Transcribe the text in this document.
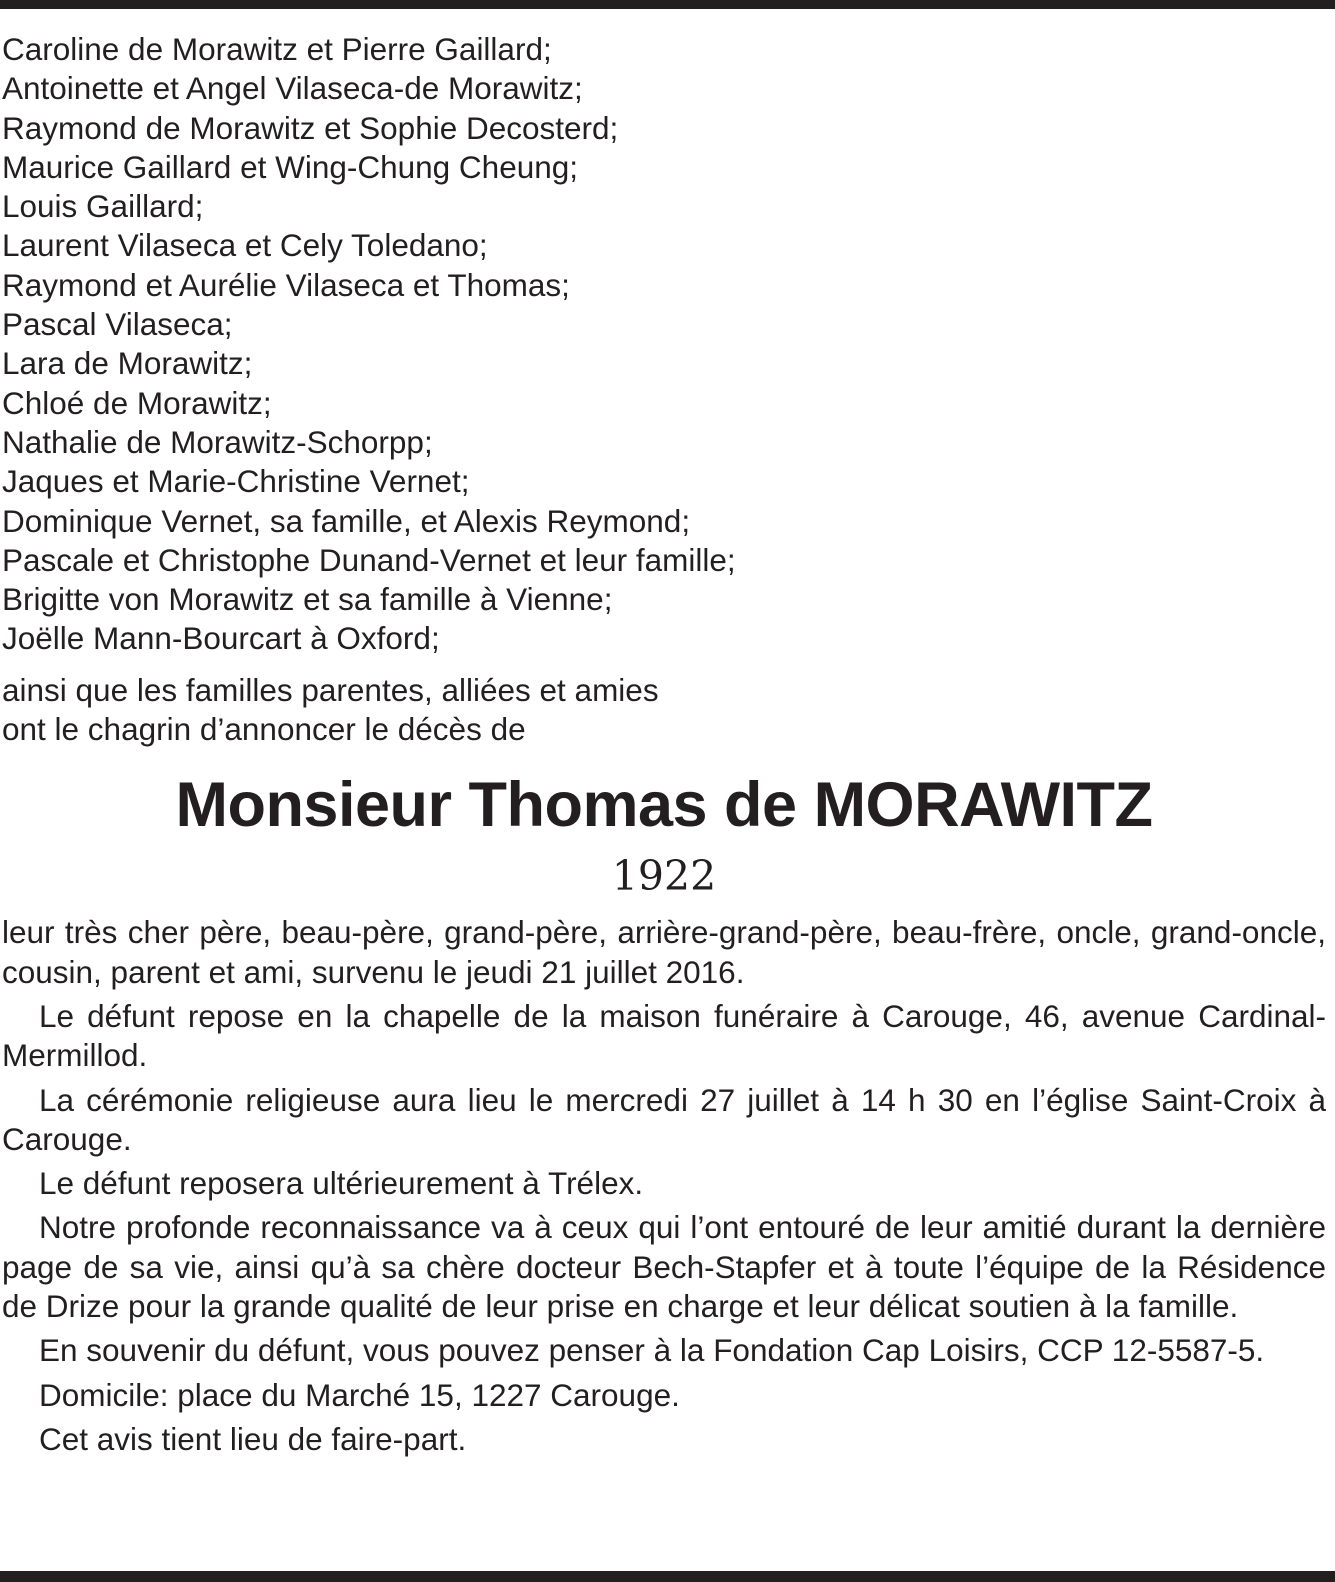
Caroline de Morawitz et Pierre Gaillard;
Antoinette et Angel Vilaseca-de Morawitz;
Raymond de Morawitz et Sophie Decosterd;
Maurice Gaillard et Wing-Chung Cheung;
Louis Gaillard;
Laurent Vilaseca et Cely Toledano;
Raymond et Aurélie Vilaseca et Thomas;
Pascal Vilaseca;
Lara de Morawitz;
Chloé de Morawitz;
Nathalie de Morawitz-Schorpp;
Jaques et Marie-Christine Vernet;
Dominique Vernet, sa famille, et Alexis Reymond;
Pascale et Christophe Dunand-Vernet et leur famille;
Brigitte von Morawitz et sa famille à Vienne;
Joëlle Mann-Bourcart à Oxford;
ainsi que les familles parentes, alliées et amies
ont le chagrin d’annoncer le décès de
Monsieur Thomas de MORAWITZ
1922

leur très cher père, beau-père, grand-père, arrière-grand-père, beau-frère, oncle, grand-oncle, cousin, parent et ami, survenu le jeudi 21 juillet 2016.

Le défunt repose en la chapelle de la maison funéraire à Carouge, 46, avenue Cardinal-Mermillod.

La cérémonie religieuse aura lieu le mercredi 27 juillet à 14 h 30 en l’église Saint-Croix à Carouge.

Le défunt reposera ultérieurement à Trélex.

Notre profonde reconnaissance va à ceux qui l’ont entouré de leur amitié durant la dernière page de sa vie, ainsi qu’à sa chère docteur Bech-Stapfer et à toute l’équipe de la Résidence de Drize pour la grande qualité de leur prise en charge et leur délicat soutien à la famille.

En souvenir du défunt, vous pouvez penser à la Fondation Cap Loisirs, CCP 12-5587-5.

Domicile: place du Marché 15, 1227 Carouge.

Cet avis tient lieu de faire-part.
